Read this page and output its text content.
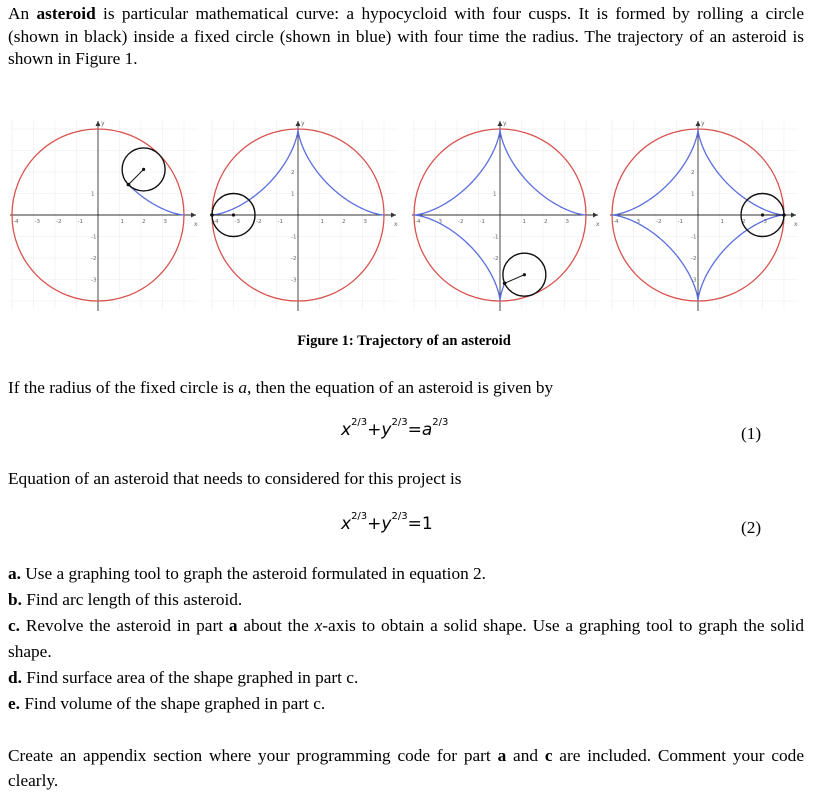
An asteroid is particular mathematical curve: a hypocycloid with four cusps. It is formed by rolling a circle (shown in black) inside a fixed circle (shown in blue) with four time the radius. The trajectory of an asteroid is shown in Figure 1.
-4	-3	-2	-1	1	2	3
1
-1
-2
-3
x
y
-4	-3	-2	-1	1	2	3
2
1
-1
-2
-3
x
y
-4	-3	-2	-1	1	2	3
1
-1
-2
x
y
-4	-3	-2	-1	1	2	3
2
1
-1
-2
-3
x
y
Figure 1: Trajectory of an asteroid
If the radius of the fixed circle is a, then the equation of an asteroid is given by
$x^{2/3}+y^{2/3}=a^{2/3}$
(1)
Equation of an asteroid that needs to considered for this project is
$x^{2/3}+y^{2/3}=1$	(2)
a. Use a graphing tool to graph the asteroid formulated in equation 2.
b. Find arc length of this asteroid.
c. Revolve the asteroid in part a about the x-axis to obtain a solid shape. Use a graphing tool to graph the solid shape.
d. Find surface area of the shape graphed in part c.
e. Find volume of the shape graphed in part c.
Create an appendix section where your programming code for part a and c are included. Comment your code clearly.
